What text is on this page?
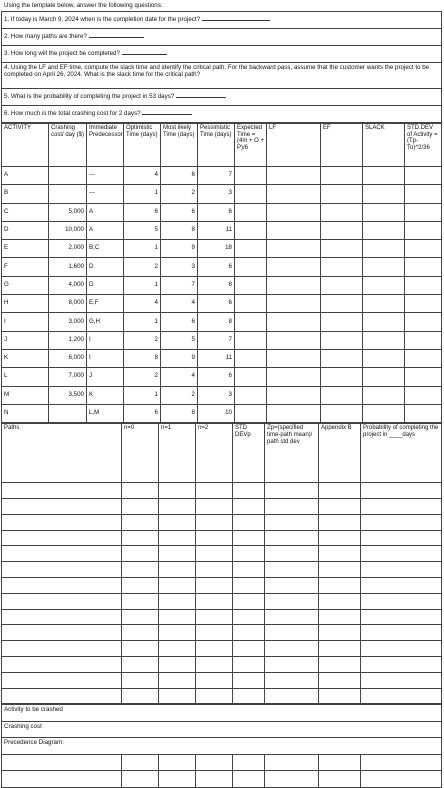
Using the template below, answer the following questions:
1. If today is March 9, 2024 when is the completion date for the project?
2. How many paths are there?
3. How long will the project be completed?
4. Using the LF and EF time, compute the slack time and identify the critical path. For the backward pass, assume that the customer wants the project to be completed on April 26, 2024. What is the slack time for the critical path?
5. What is the probability of completing the project in 53 days?
6. How much is the total crashing cost for 2 days?
ACTIVITY	Crashing cost/ day ($)	Immediate Predecessor	Optimistic Time (days)	Most likely Time (days)	Pessimistic Time (days)	Expected Time = (4m + O + P)/6	LF	EF	SLACK	STD.DEV of Activity = (Tp-To)^2/36
A		---	4	6	7					
B		---	1	2	3					
C	5,000	A	6	6	6					
D	10,000	A	5	8	11					
E	2,000	B,C	1	9	18					
F	1,600	D	2	3	6					
G	4,000	D	1	7	8					
H	8,000	E,F	4	4	6					
I	3,000	G,H	1	6	8					
J	1,200	I	2	5	7					
K	6,000	I	8	9	11					
L	7,000	J	2	4	6					
M	3,500	K	1	2	3					
N		L,M	6	8	10					
Paths	n=0	n=1	n=2	STD DEVp	Zp=(specified time-path mean)/ path std dev	Appendix B	Probability of completing the project in ____days

Activity to be crashed							
Crashing cost							
Precedence Diagram:							
